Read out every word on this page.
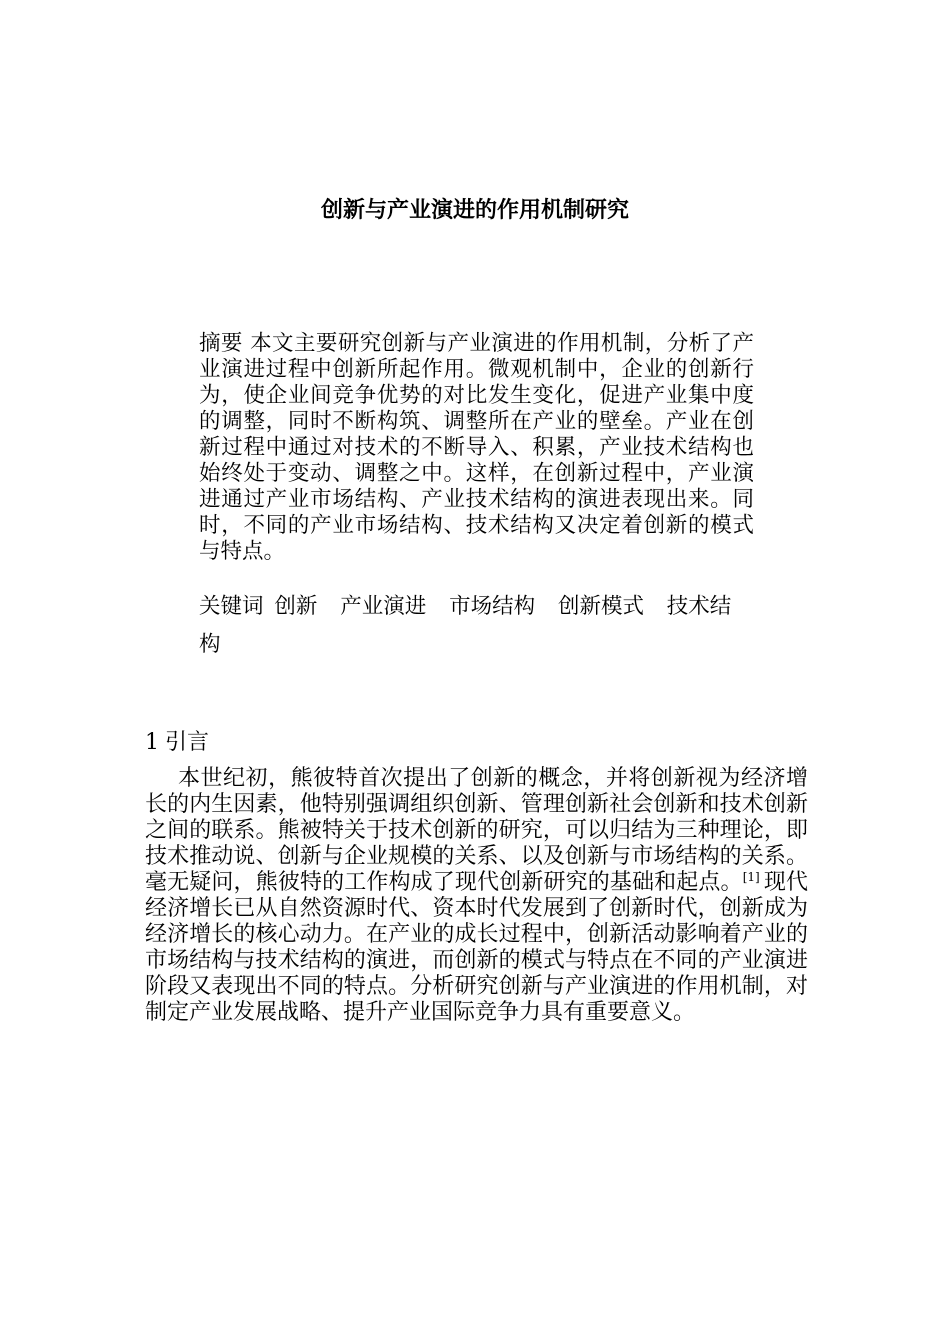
创新与产业演进的作用机制研究
摘要 本文主要研究创新与产业演进的作用机制，分析了产业演进过程中创新所起作用。微观机制中，企业的创新行为，使企业间竞争优势的对比发生变化，促进产业集中度的调整，同时不断构筑、调整所在产业的壁垒。产业在创新过程中通过对技术的不断导入、积累，产业技术结构也始终处于变动、调整之中。这样，在创新过程中，产业演进通过产业市场结构、产业技术结构的演进表现出来。同时，不同的产业市场结构、技术结构又决定着创新的模式与特点。
关键词 创新 产业演进 市场结构 创新模式 技术结构
1 引言
本世纪初，熊彼特首次提出了创新的概念，并将创新视为经济增长的内生因素，他特别强调组织创新、管理创新社会创新和技术创新之间的联系。熊被特关于技术创新的研究，可以归结为三种理论，即技术推动说、创新与企业规模的关系、以及创新与市场结构的关系。毫无疑问，熊彼特的工作构成了现代创新研究的基础和起点。[1] 现代经济增长已从自然资源时代、资本时代发展到了创新时代，创新成为经济增长的核心动力。在产业的成长过程中，创新活动影响着产业的市场结构与技术结构的演进，而创新的模式与特点在不同的产业演进阶段又表现出不同的特点。分析研究创新与产业演进的作用机制，对制定产业发展战略、提升产业国际竞争力具有重要意义。
